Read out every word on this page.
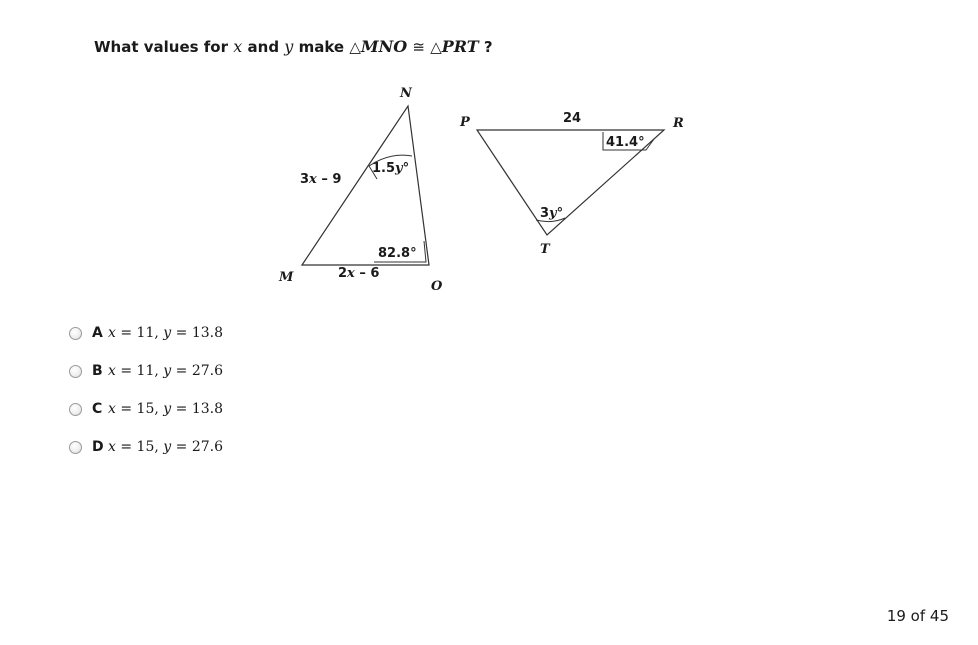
What values for x and y make △MNO ≅ △PRT ?
M
N
O
3x – 9
1.5y°
82.8°
2x – 6
P	R
T
24
41.4°
3y°
A x = 11, y = 13.8
B x = 11, y = 27.6
C x = 15, y = 13.8
D x = 15, y = 27.6
19 of 45
